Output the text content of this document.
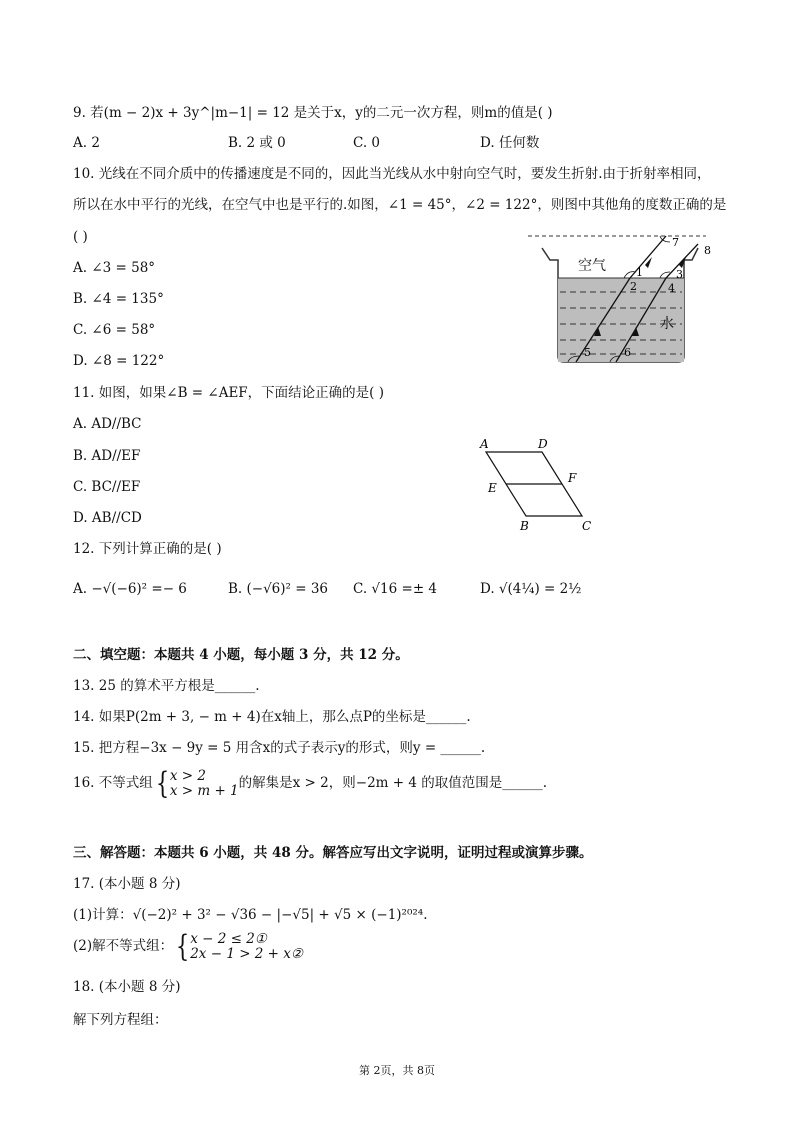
9. 若(m − 2)x + 3y^|m−1| = 12 是关于x，y的二元一次方程，则m的值是( )
A. 2	B. 2 或 0	C. 0	D. 任何数
10. 光线在不同介质中的传播速度是不同的，因此当光线从水中射向空气时，要发生折射.由于折射率相同，
所以在水中平行的光线，在空气中也是平行的.如图，∠1 = 45°，∠2 = 122°，则图中其他角的度数正确的是
( )
A. ∠3 = 58°
B. ∠4 = 135°
C. ∠6 = 58°
D. ∠8 = 122°
空气
水
1
2
3
4
5	6
7
8
11. 如图，如果∠B = ∠AEF，下面结论正确的是( )
A. AD//BC
B. AD//EF
C. BC//EF
D. AB//CD
A	D
E
F
B	C
12. 下列计算正确的是( )
A. −√(−6)² =− 6	B. (−√6)² = 36 C. √16 =± 4	D. √(4¼) = 2½
二、填空题：本题共 4 小题，每小题 3 分，共 12 分。
13. 25 的算术平方根是______.
14. 如果P(2m + 3, − m + 4)在x轴上，那么点P的坐标是______.
15. 把方程−3x − 9y = 5 用含x的式子表示y的形式，则y = ______.
16. 不等式组{x > 2
x > m + 1的解集是x > 2，则−2m + 4 的取值范围是______.
三、解答题：本题共 6 小题，共 48 分。解答应写出文字说明，证明过程或演算步骤。
17. (本小题 8 分)
(1)计算：√(−2)² + 3² − √36 − |−√5| + √5 × (−1)²⁰²⁴.
(2)解不等式组：{x − 2 ≤ 2①
2x − 1 > 2 + x②
18. (本小题 8 分)
解下列方程组：
第 2页，共 8页
